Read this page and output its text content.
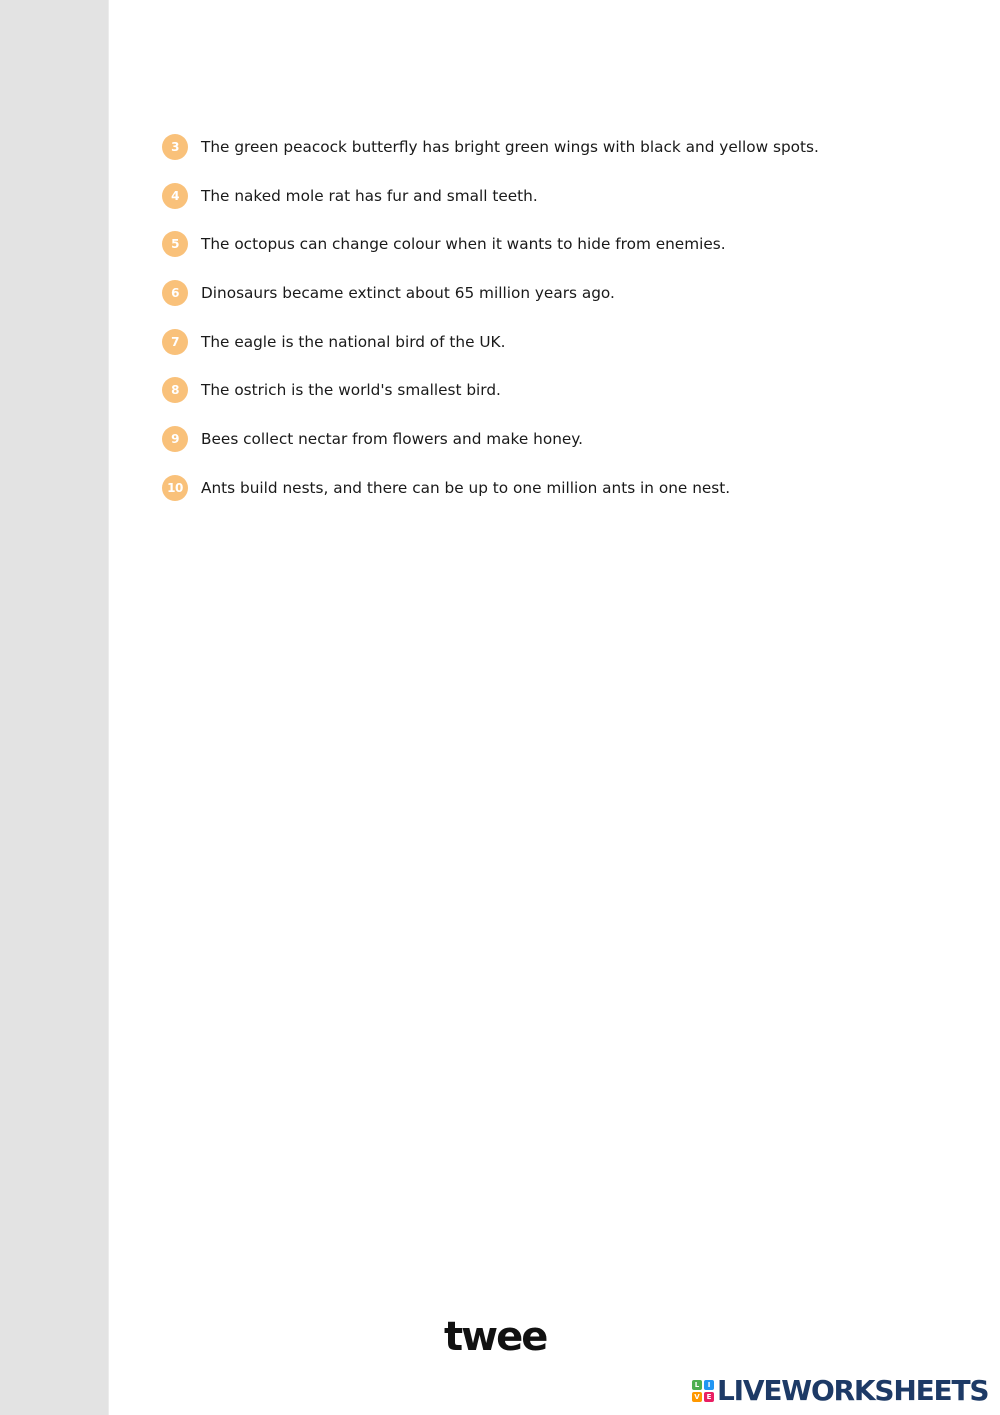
3	The green peacock butterfly has bright green wings with black and yellow spots.
4	The naked mole rat has fur and small teeth.
5	The octopus can change colour when it wants to hide from enemies.
6	Dinosaurs became extinct about 65 million years ago.
7	The eagle is the national bird of the UK.
8	The ostrich is the world's smallest bird.
9	Bees collect nectar from flowers and make honey.
10	Ants build nests, and there can be up to one million ants in one nest.
twee
L	I
V E LIVEWORKSHEETS
